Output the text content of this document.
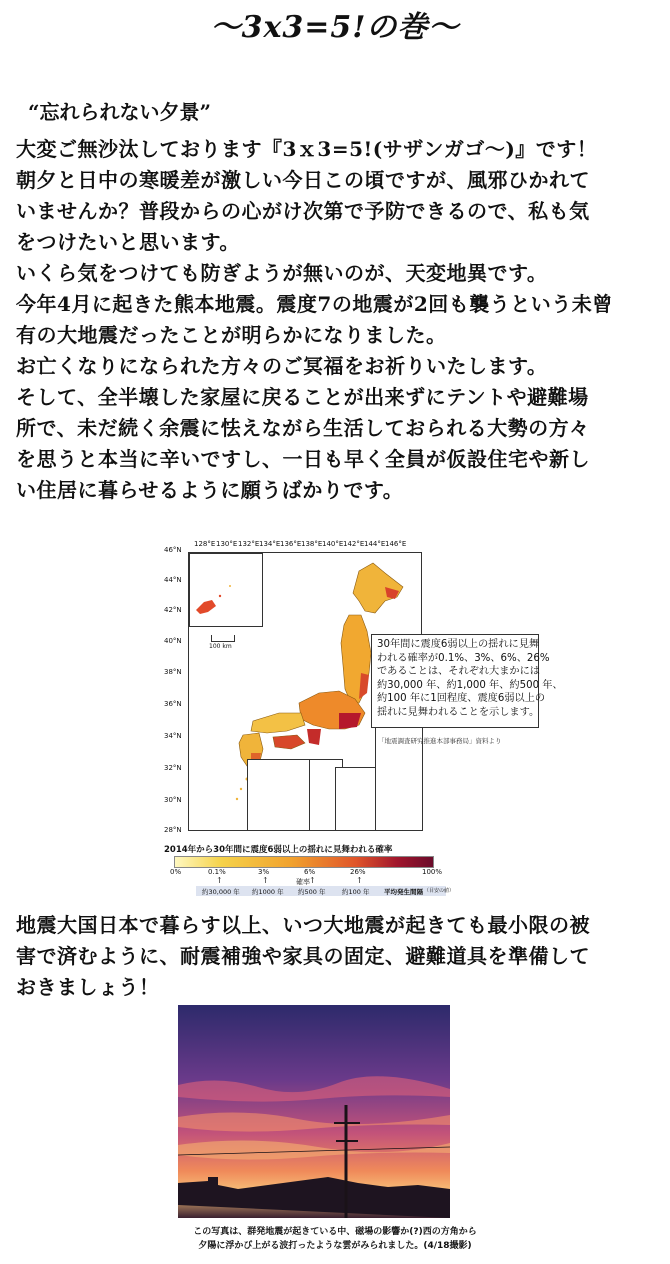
〜3x3=5!の巻〜
“忘れられない夕景”
大変ご無沙汰しております『3ｘ3=5!(サザンガゴ〜)』です！
朝夕と日中の寒暖差が激しい今日この頃ですが、風邪ひかれて
いませんか？普段からの心がけ次第で予防できるので、私も気
をつけたいと思います。
いくら気をつけても防ぎようが無いのが、天変地異です。
今年4月に起きた熊本地震。震度7の地震が2回も襲うという未曾
有の大地震だったことが明らかになりました。
お亡くなりになられた方々のご冥福をお祈りいたします。
そして、全半壊した家屋に戻ることが出来ずにテントや避難場
所で、未だ続く余震に怯えながら生活しておられる大勢の方々
を思うと本当に辛いですし、一日も早く全員が仮設住宅や新し
い住居に暮らせるように願うばかりです。
46°N
44°N
42°N
40°N
38°N
36°N
34°N
32°N
30°N
28°N
128°E 130°E 132°E 134°E 136°E 138°E 140°E 142°E 144°E 146°E
100 km	30年間に震度6弱以上の揺れに見舞
われる確率が0.1%、3%、6%、26%
であることは、それぞれ大まかには
約30,000 年、約1,000 年、約500 年、
約100 年に1回程度、震度6弱以上の
揺れに見舞われることを示します。
「地震調査研究推進本部事務局」資料より
2014年から30年間に震度6弱以上の揺れに見舞われる確率
0%	0.1%	3%	6%	26%	100%
↑	↑	↑	↑
確率
約30,000 年 約1000 年 約500 年	約100 年 平均発生間隔 （目安の値）
地震大国日本で暮らす以上、いつ大地震が起きても最小限の被
害で済むように、耐震補強や家具の固定、避難道具を準備して
おきましょう！
この写真は、群発地震が起きている中、磁場の影響か(?)西の方角から
夕陽に浮かび上がる波打ったような雲がみられました。(4/18撮影)
